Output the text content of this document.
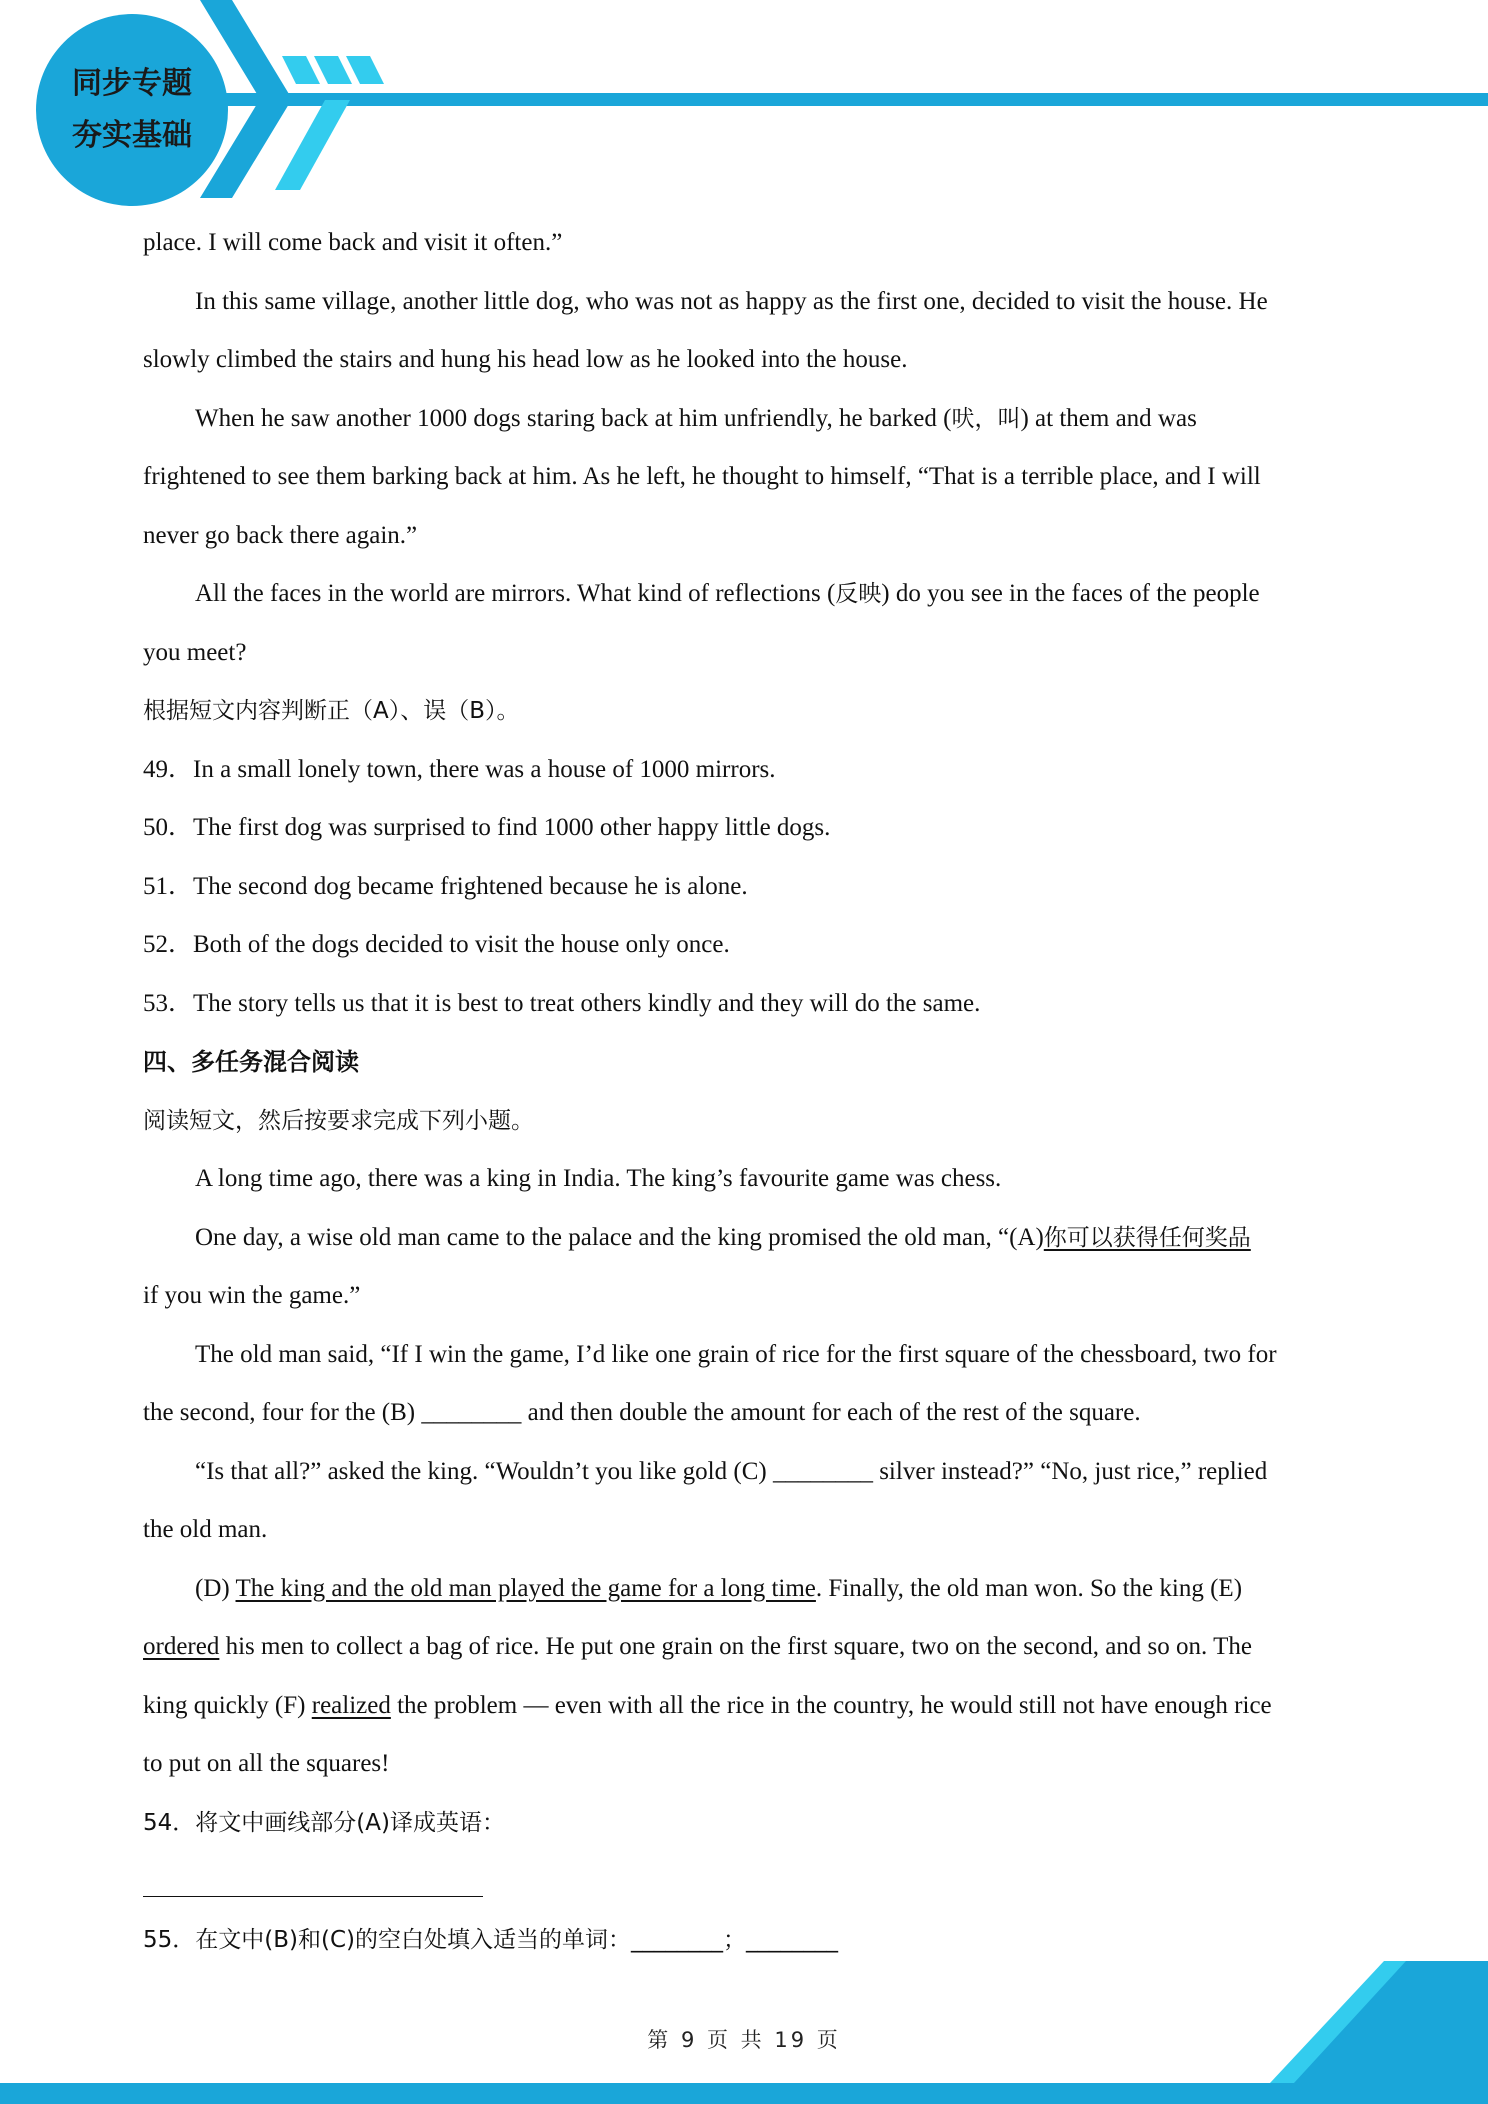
同步专题
夯实基础
place. I will come back and visit it often.”
In this same village, another little dog, who was not as happy as the first one, decided to visit the house. He
slowly climbed the stairs and hung his head low as he looked into the house.
When he saw another 1000 dogs staring back at him unfriendly, he barked (吠，叫) at them and was
frightened to see them barking back at him. As he left, he thought to himself, “That is a terrible place, and I will
never go back there again.”
All the faces in the world are mirrors. What kind of reflections (反映) do you see in the faces of the people
you meet?
根据短文内容判断正（A）、误（B）。
49．In a small lonely town, there was a house of 1000 mirrors.
50．The first dog was surprised to find 1000 other happy little dogs.
51．The second dog became frightened because he is alone.
52．Both of the dogs decided to visit the house only once.
53．The story tells us that it is best to treat others kindly and they will do the same.
四、多任务混合阅读
阅读短文，然后按要求完成下列小题。
A long time ago, there was a king in India. The king’s favourite game was chess.
One day, a wise old man came to the palace and the king promised the old man, “(A)你可以获得任何奖品
if you win the game.”
The old man said, “If I win the game, I’d like one grain of rice for the first square of the chessboard, two for
the second, four for the (B) ________ and then double the amount for each of the rest of the square.
“Is that all?” asked the king. “Wouldn’t you like gold (C) ________ silver instead?” “No, just rice,” replied
the old man.
(D) The king and the old man played the game for a long time. Finally, the old man won. So the king (E)
ordered his men to collect a bag of rice. He put one grain on the first square, two on the second, and so on. The
king quickly (F) realized the problem — even with all the rice in the country, he would still not have enough rice
to put on all the squares!
54．将文中画线部分(A)译成英语：
55．在文中(B)和(C)的空白处填入适当的单词：________；________
第 9 页 共 19 页
